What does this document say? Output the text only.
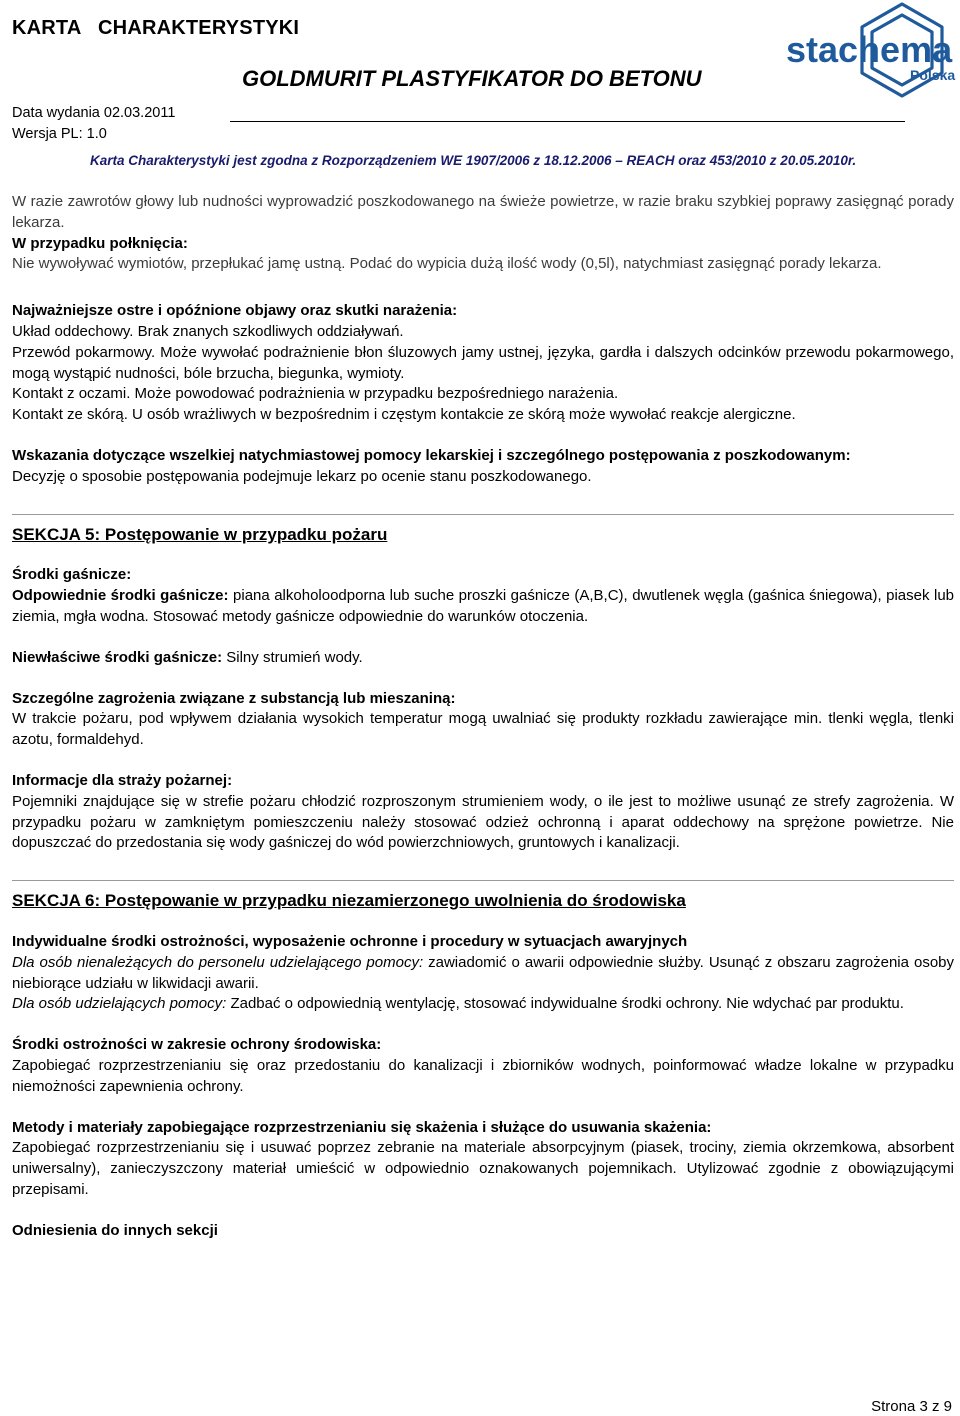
KARTA   CHARAKTERYSTYKI
GOLDMURIT PLASTYFIKATOR DO BETONU
Data wydania 02.03.2011
Wersja PL: 1.0
Karta Charakterystyki jest zgodna z Rozporządzeniem WE 1907/2006 z 18.12.2006 – REACH oraz 453/2010 z 20.05.2010r.
stachema
Polska

W razie zawrotów głowy lub nudności wyprowadzić poszkodowanego na świeże powietrze, w razie braku szybkiej poprawy zasięgnąć porady lekarza.

W przypadku połknięcia:

Nie wywoływać wymiotów, przepłukać jamę ustną. Podać do wypicia dużą ilość wody (0,5l), natychmiast zasięgnąć porady lekarza.

Najważniejsze ostre i opóźnione objawy oraz skutki narażenia:

Układ oddechowy. Brak znanych szkodliwych oddziaływań.

Przewód pokarmowy. Może wywołać podrażnienie błon śluzowych jamy ustnej, języka, gardła i dalszych odcinków przewodu pokarmowego, mogą wystąpić nudności, bóle brzucha, biegunka, wymioty.

Kontakt z oczami. Może powodować podrażnienia w przypadku bezpośredniego narażenia.

Kontakt ze skórą. U osób wrażliwych w bezpośrednim i częstym kontakcie ze skórą może wywołać reakcje alergiczne.

Wskazania dotyczące wszelkiej natychmiastowej pomocy lekarskiej i szczególnego postępowania z poszkodowanym:

Decyzję o sposobie postępowania podejmuje lekarz po ocenie stanu poszkodowanego.

SEKCJA 5: Postępowanie w przypadku pożaru

Środki gaśnicze:

Odpowiednie środki gaśnicze: piana alkoholoodporna lub suche proszki gaśnicze (A,B,C), dwutlenek węgla (gaśnica śniegowa), piasek lub ziemia, mgła wodna. Stosować metody gaśnicze odpowiednie do warunków otoczenia.

Niewłaściwe środki gaśnicze: Silny strumień wody.

Szczególne zagrożenia związane z substancją lub mieszaniną:

W trakcie pożaru, pod wpływem działania wysokich temperatur mogą uwalniać się produkty rozkładu zawierające min. tlenki węgla, tlenki azotu, formaldehyd.

Informacje dla straży pożarnej:

Pojemniki znajdujące się w strefie pożaru chłodzić rozproszonym strumieniem wody, o ile jest to możliwe usunąć ze strefy zagrożenia. W przypadku pożaru w zamkniętym pomieszczeniu należy stosować odzież ochronną i aparat oddechowy na sprężone powietrze. Nie dopuszczać do przedostania się wody gaśniczej do wód powierzchniowych, gruntowych i kanalizacji.

SEKCJA 6: Postępowanie w przypadku niezamierzonego uwolnienia do środowiska

Indywidualne środki ostrożności, wyposażenie ochronne i procedury w sytuacjach awaryjnych

Dla osób nienależących do personelu udzielającego pomocy: zawiadomić o awarii odpowiednie służby. Usunąć z obszaru zagrożenia osoby niebiorące udziału w likwidacji awarii.

Dla osób udzielających pomocy: Zadbać o odpowiednią wentylację, stosować indywidualne środki ochrony. Nie wdychać par produktu.

Środki ostrożności w zakresie ochrony środowiska:

Zapobiegać rozprzestrzenianiu się oraz przedostaniu do kanalizacji i zbiorników wodnych, poinformować władze lokalne w przypadku niemożności zapewnienia ochrony.

Metody i materiały zapobiegające rozprzestrzenianiu się skażenia i służące do usuwania skażenia:

Zapobiegać rozprzestrzenianiu się i usuwać poprzez zebranie na materiale absorpcyjnym (piasek, trociny, ziemia okrzemkowa, absorbent uniwersalny), zanieczyszczony materiał umieścić w odpowiednio oznakowanych pojemnikach. Utylizować zgodnie z obowiązującymi przepisami.

Odniesienia do innych sekcji

Strona 3 z 9
